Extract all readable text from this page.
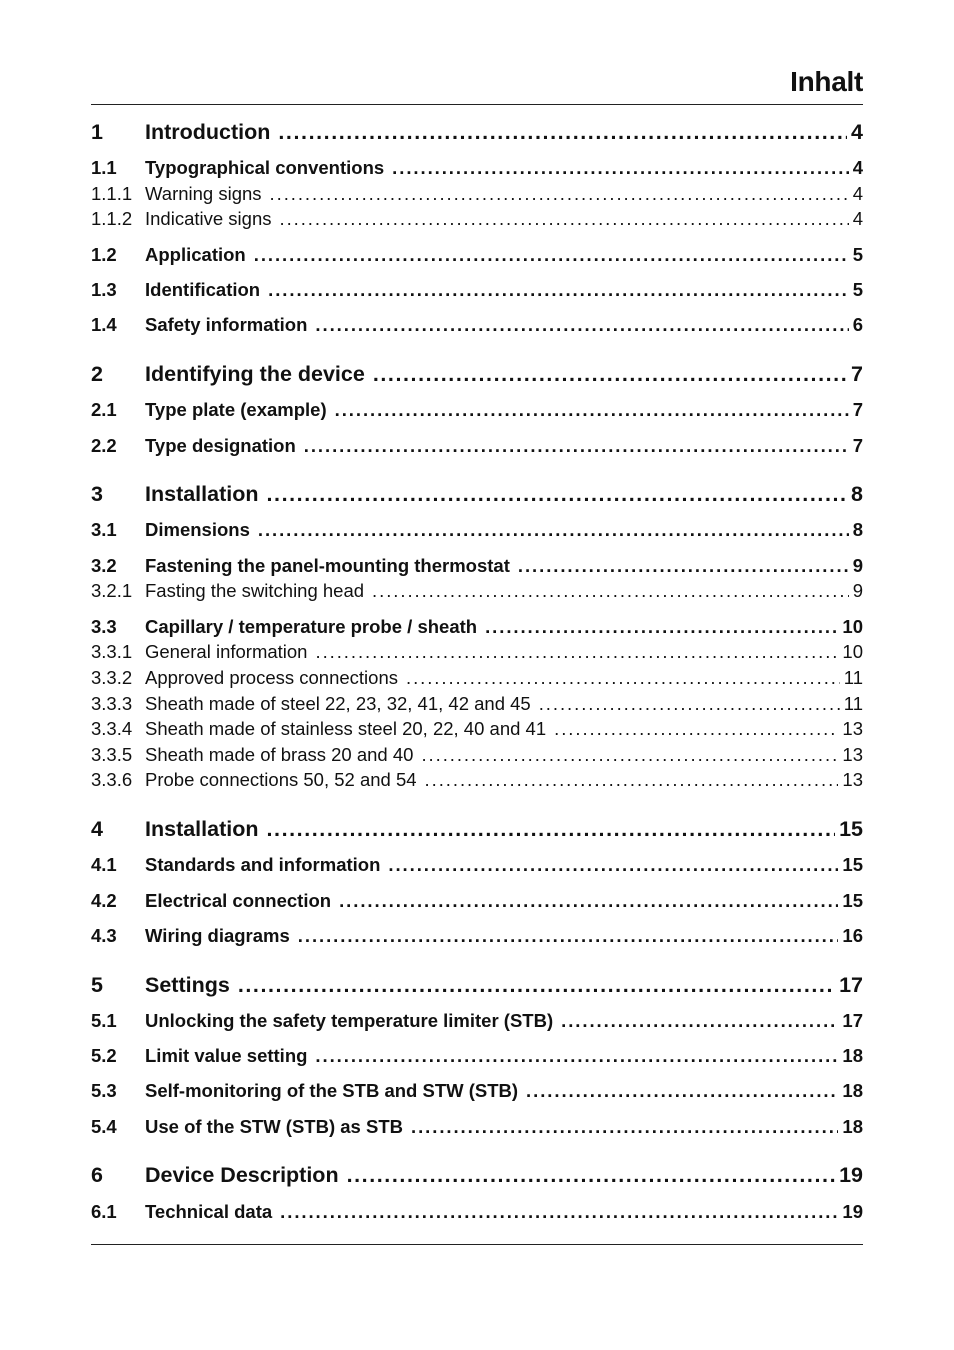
Inhalt
1	Introduction . . .	4
1.1	Typographical conventions . . .	4
1.1.1 Warning signs . . .	4
1.1.2 Indicative signs . . .	4
1.2	Application . . .	5
1.3	Identification . . .	5
1.4	Safety information . . .	6
2	Identifying the device . . .	7
2.1	Type plate (example) . . .	7
2.2	Type designation . . .	7
3	Installation . . .	8
3.1	Dimensions . . .	8
3.2	Fastening the panel-mounting thermostat . . .	9
3.2.1 Fasting the switching head . . .	9
3.3	Capillary / temperature probe / sheath . . .	10
3.3.1 General information . . .	10
3.3.2 Approved process connections . . .	11
3.3.3 Sheath made of steel 22, 23, 32, 41, 42 and 45 . . .	11
3.3.4 Sheath made of stainless steel 20, 22, 40 and 41 . . .	13
3.3.5 Sheath made of brass 20 and 40 . . .	13
3.3.6 Probe connections 50, 52 and 54 . . .	13
4	Installation . . .	15
4.1	Standards and information . . .	15
4.2	Electrical connection . . .	15
4.3	Wiring diagrams . . .	16
5	Settings . . .	17
5.1	Unlocking the safety temperature limiter (STB) . . .	17
5.2	Limit value setting . . .	18
5.3	Self-monitoring of the STB and STW (STB) . . .	18
5.4	Use of the STW (STB) as STB . . .	18
6	Device Description . . .	19
6.1	Technical data . . .	19
